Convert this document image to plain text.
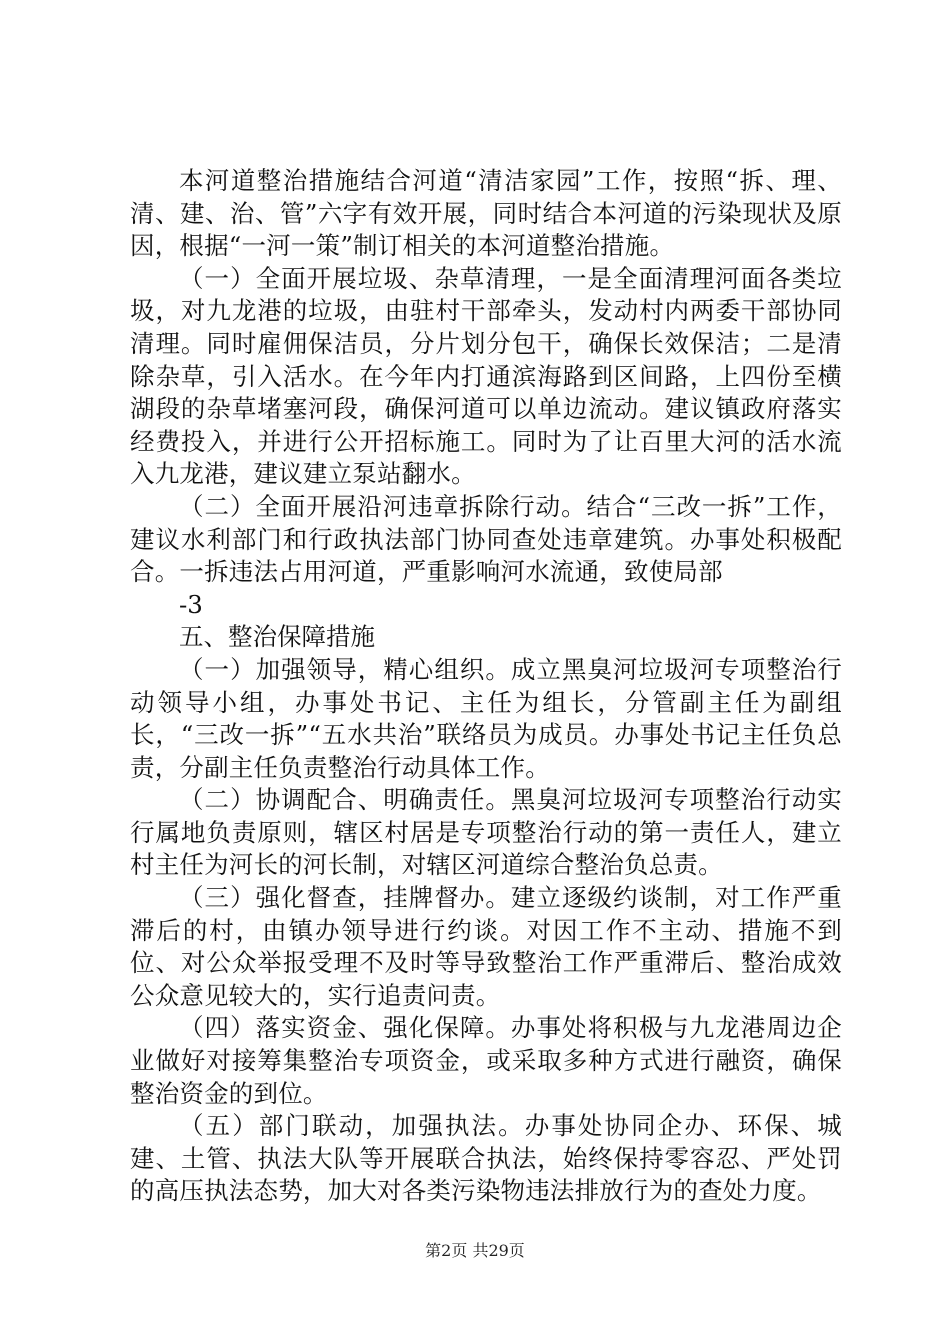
本河道整治措施结合河道“清洁家园”工作，按照“拆、理、清、建、治、管”六字有效开展，同时结合本河道的污染现状及原因，根据“一河一策”制订相关的本河道整治措施。

（一）全面开展垃圾、杂草清理，一是全面清理河面各类垃圾，对九龙港的垃圾，由驻村干部牵头，发动村内两委干部协同清理。同时雇佣保洁员，分片划分包干，确保长效保洁；二是清除杂草，引入活水。在今年内打通滨海路到区间路，上四份至横湖段的杂草堵塞河段，确保河道可以单边流动。建议镇政府落实经费投入，并进行公开招标施工。同时为了让百里大河的活水流入九龙港，建议建立泵站翻水。

（二）全面开展沿河违章拆除行动。结合“三改一拆”工作，建议水利部门和行政执法部门协同查处违章建筑。办事处积极配合。一拆违法占用河道，严重影响河水流通，致使局部

-3

五、整治保障措施

（一）加强领导，精心组织。成立黑臭河垃圾河专项整治行动领导小组，办事处书记、主任为组长，分管副主任为副组长，“三改一拆”“五水共治”联络员为成员。办事处书记主任负总责，分副主任负责整治行动具体工作。

（二）协调配合、明确责任。黑臭河垃圾河专项整治行动实行属地负责原则，辖区村居是专项整治行动的第一责任人，建立村主任为河长的河长制，对辖区河道综合整治负总责。

（三）强化督查，挂牌督办。建立逐级约谈制，对工作严重滞后的村，由镇办领导进行约谈。对因工作不主动、措施不到位、对公众举报受理不及时等导致整治工作严重滞后、整治成效公众意见较大的，实行追责问责。

（四）落实资金、强化保障。办事处将积极与九龙港周边企业做好对接筹集整治专项资金，或采取多种方式进行融资，确保整治资金的到位。

（五）部门联动，加强执法。办事处协同企办、环保、城建、土管、执法大队等开展联合执法，始终保持零容忍、严处罚的高压执法态势，加大对各类污染物违法排放行为的查处力度。

第2页 共29页
